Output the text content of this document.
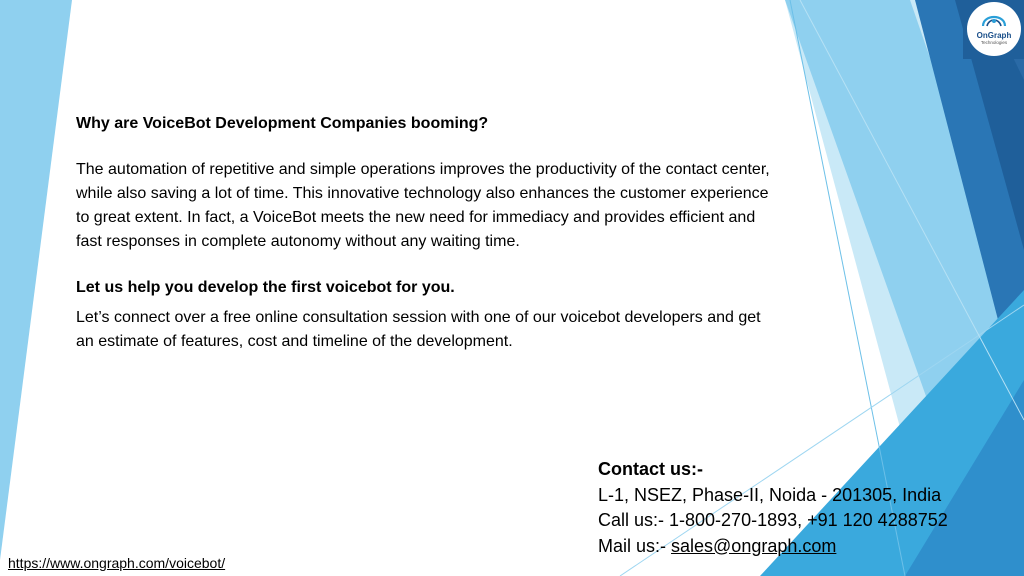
OnGraph
Technologies

Why are VoiceBot Development Companies booming?

The automation of repetitive and simple operations improves the productivity of the contact center, while also saving a lot of time. This innovative technology also enhances the customer experience to great extent. In fact, a VoiceBot meets the new need for immediacy and provides efficient and fast responses in complete autonomy without any waiting time.

Let us help you develop the first voicebot for you.

Let’s connect over a free online consultation session with one of our voicebot developers and get an estimate of features, cost and timeline of the development.

Contact us:-
L-1, NSEZ, Phase-II, Noida - 201305, India
Call us:- 1-800-270-1893, +91 120 4288752
Mail us:- sales@ongraph.com
https://www.ongraph.com/voicebot/
